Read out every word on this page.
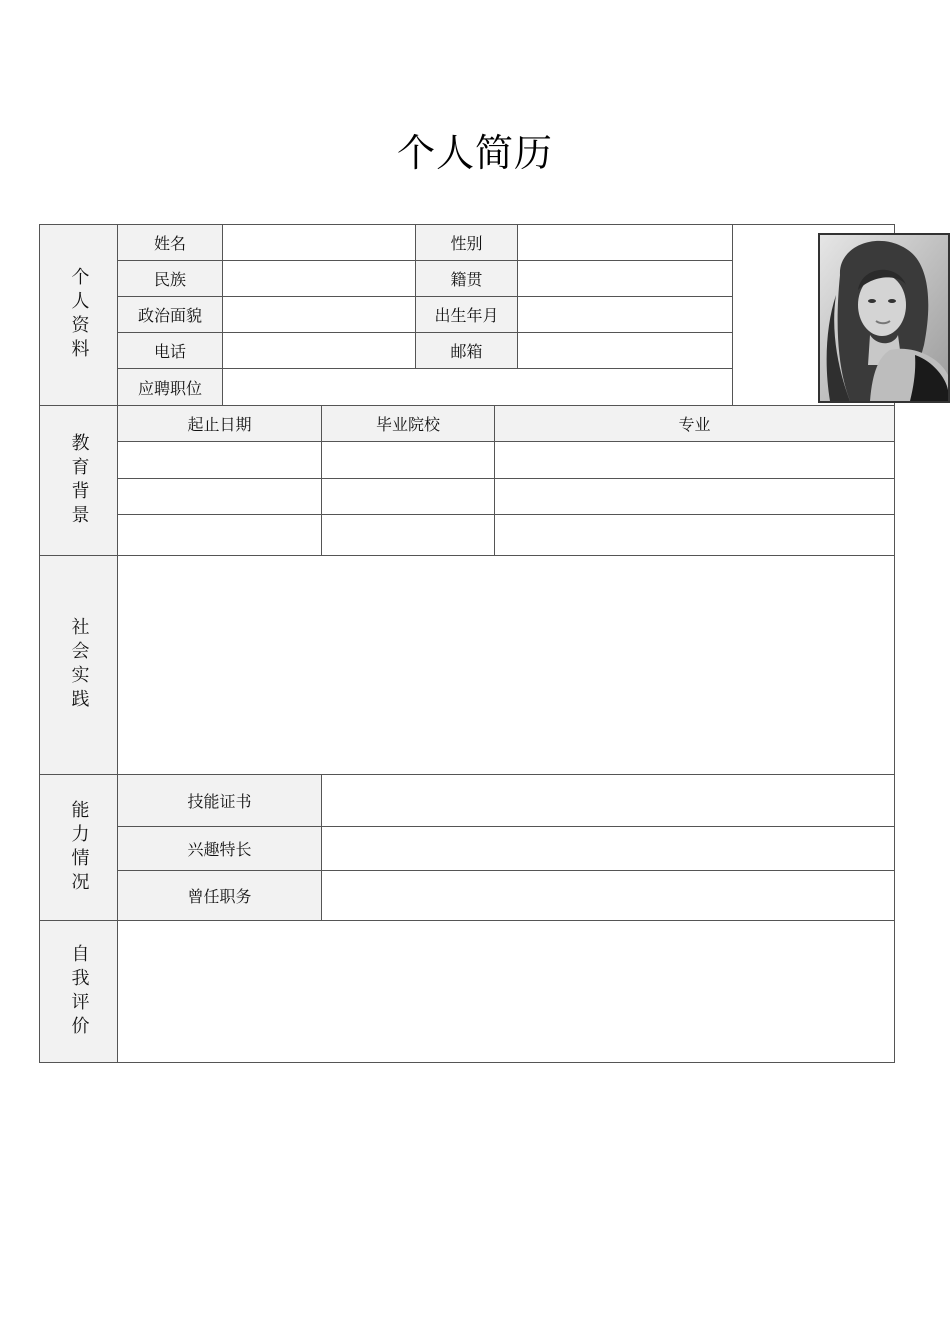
个人简历
个人资料
姓名	性别
民族	籍贯
政治面貌	出生年月
电话	邮箱
应聘职位
教育背景
起止日期	毕业院校	专业
社会实践
能力情况	技能证书
兴趣特长
曾任职务
自我评价
